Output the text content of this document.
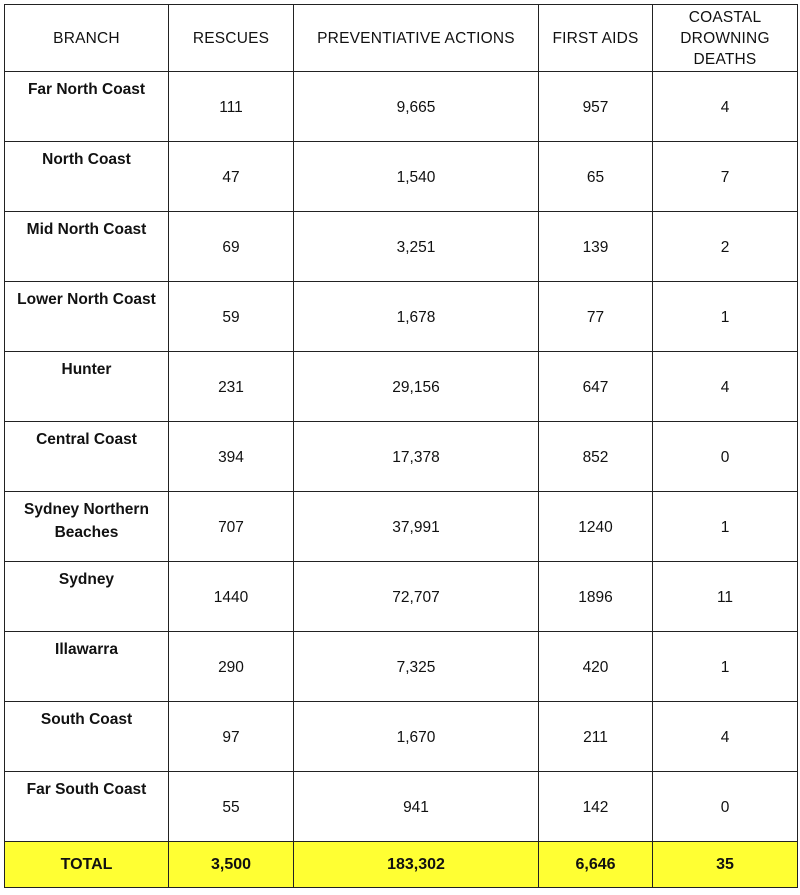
BRANCH	RESCUES	PREVENTIATIVE ACTIONS	FIRST AIDS	COASTAL DROWNING DEATHS
Far North Coast	111	9,665	957	4
North Coast	47	1,540	65	7
Mid North Coast	69	3,251	139	2
Lower North Coast	59	1,678	77	1
Hunter	231	29,156	647	4
Central Coast	394	17,378	852	0
Sydney Northern Beaches	707	37,991	1240	1
Sydney	1440	72,707	1896	11
Illawarra	290	7,325	420	1
South Coast	97	1,670	211	4
Far South Coast	55	941	142	0
TOTAL	3,500	183,302	6,646	35
